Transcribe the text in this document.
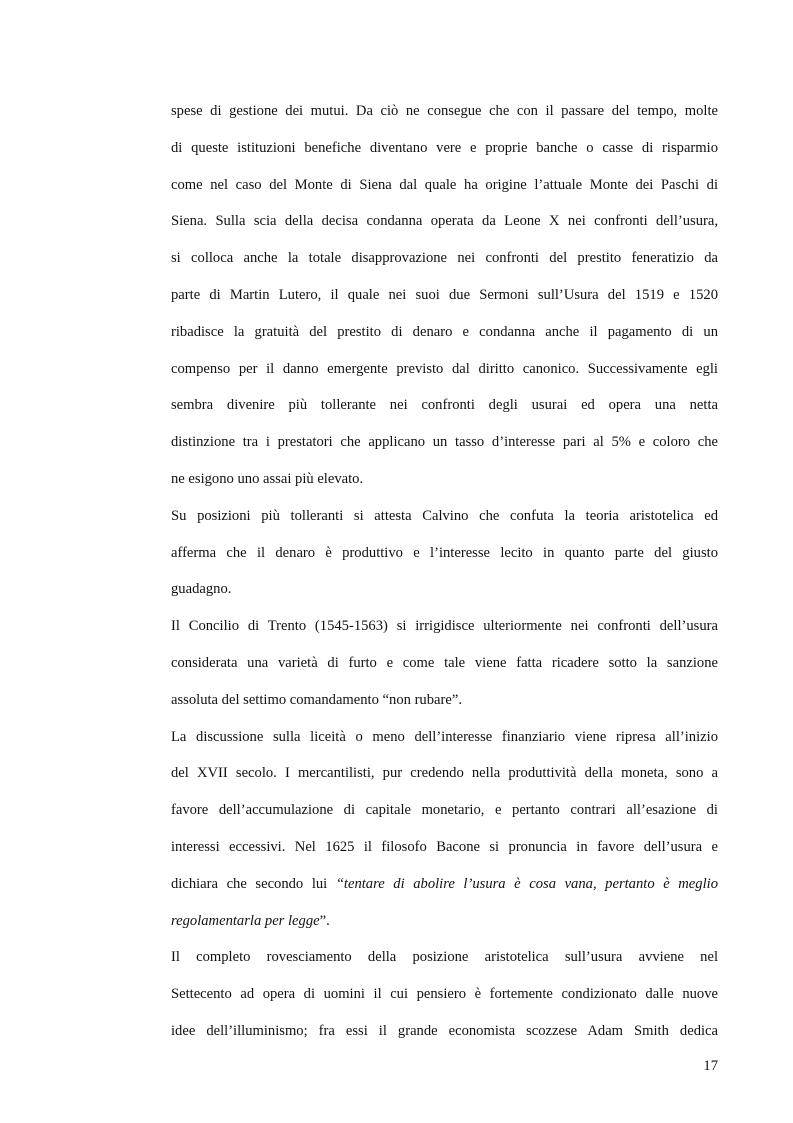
spese di gestione dei mutui. Da ciò ne consegue che con il passare del tempo, molte
di queste istituzioni benefiche diventano vere e proprie banche o casse di risparmio
come nel caso del Monte di Siena dal quale ha origine l’attuale Monte dei Paschi di
Siena. Sulla scia della decisa condanna operata da Leone X nei confronti dell’usura,
si colloca anche la totale disapprovazione nei confronti del prestito feneratizio da
parte di Martin Lutero, il quale nei suoi due Sermoni sull’Usura del 1519 e 1520
ribadisce la gratuità del prestito di denaro e condanna anche il pagamento di un
compenso per il danno emergente previsto dal diritto canonico. Successivamente egli
sembra divenire più tollerante nei confronti degli usurai ed opera una netta
distinzione tra i prestatori che applicano un tasso d’interesse pari al 5% e coloro che
ne esigono uno assai più elevato.

Su posizioni più tolleranti si attesta Calvino che confuta la teoria aristotelica ed
afferma che il denaro è produttivo e l’interesse lecito in quanto parte del giusto
guadagno.

Il Concilio di Trento (1545-1563) si irrigidisce ulteriormente nei confronti dell’usura
considerata una varietà di furto e come tale viene fatta ricadere sotto la sanzione
assoluta del settimo comandamento “non rubare”.

La discussione sulla liceità o meno dell’interesse finanziario viene ripresa all’inizio
del XVII secolo. I mercantilisti, pur credendo nella produttività della moneta, sono a
favore dell’accumulazione di capitale monetario, e pertanto contrari all’esazione di
interessi eccessivi. Nel 1625 il filosofo Bacone si pronuncia in favore dell’usura e
dichiara che secondo lui “tentare di abolire l’usura è cosa vana, pertanto è meglio
regolamentarla per legge”.

Il completo rovesciamento della posizione aristotelica sull’usura avviene nel
Settecento ad opera di uomini il cui pensiero è fortemente condizionato dalle nuove
idee dell’illuminismo; fra essi il grande economista scozzese Adam Smith dedica

17
